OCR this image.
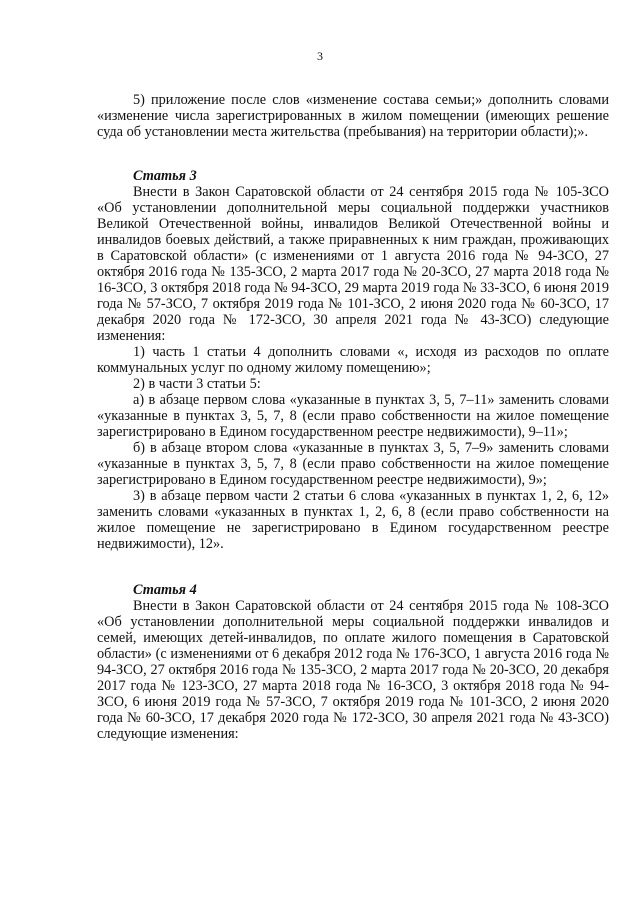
3

5) приложение после слов «изменение состава семьи;» дополнить словами «изменение числа зарегистрированных в жилом помещении (имеющих решение суда об установлении места жительства (пребывания) на территории области);».

Статья 3

Внести в Закон Саратовской области от 24 сентября 2015 года № 105-ЗСО «Об установлении дополнительной меры социальной поддержки участников Великой Отечественной войны, инвалидов Великой Отечественной войны и инвалидов боевых действий, а также приравненных к ним граждан, проживающих в Саратовской области» (с изменениями от 1 августа 2016 года № 94-ЗСО, 27 октября 2016 года № 135-ЗСО, 2 марта 2017 года № 20-ЗСО, 27 марта 2018 года № 16-ЗСО, 3 октября 2018 года № 94-ЗСО, 29 марта 2019 года № 33-ЗСО, 6 июня 2019 года № 57-ЗСО, 7 октября 2019 года № 101-ЗСО, 2 июня 2020 года № 60-ЗСО, 17 декабря 2020 года № 172-ЗСО, 30 апреля 2021 года № 43-ЗСО) следующие изменения:

1) часть 1 статьи 4 дополнить словами «, исходя из расходов по оплате коммунальных услуг по одному жилому помещению»;

2) в части 3 статьи 5:

а) в абзаце первом слова «указанные в пунктах 3, 5, 7–11» заменить словами «указанные в пунктах 3, 5, 7, 8 (если право собственности на жилое помещение зарегистрировано в Едином государственном реестре недвижимости), 9–11»;

б) в абзаце втором слова «указанные в пунктах 3, 5, 7–9» заменить словами «указанные в пунктах 3, 5, 7, 8 (если право собственности на жилое помещение зарегистрировано в Едином государственном реестре недвижимости), 9»;

3) в абзаце первом части 2 статьи 6 слова «указанных в пунктах 1, 2, 6, 12» заменить словами «указанных в пунктах 1, 2, 6, 8 (если право собственности на жилое помещение не зарегистрировано в Едином государственном реестре недвижимости), 12».

Статья 4

Внести в Закон Саратовской области от 24 сентября 2015 года № 108-ЗСО «Об установлении дополнительной меры социальной поддержки инвалидов и семей, имеющих детей-инвалидов, по оплате жилого помещения в Саратовской области» (с изменениями от 6 декабря 2012 года № 176-ЗСО, 1 августа 2016 года № 94-ЗСО, 27 октября 2016 года № 135-ЗСО, 2 марта 2017 года № 20-ЗСО, 20 декабря 2017 года № 123-ЗСО, 27 марта 2018 года № 16-ЗСО, 3 октября 2018 года № 94-ЗСО, 6 июня 2019 года № 57-ЗСО, 7 октября 2019 года № 101-ЗСО, 2 июня 2020 года № 60-ЗСО, 17 декабря 2020 года № 172-ЗСО, 30 апреля 2021 года № 43-ЗСО) следующие изменения:
